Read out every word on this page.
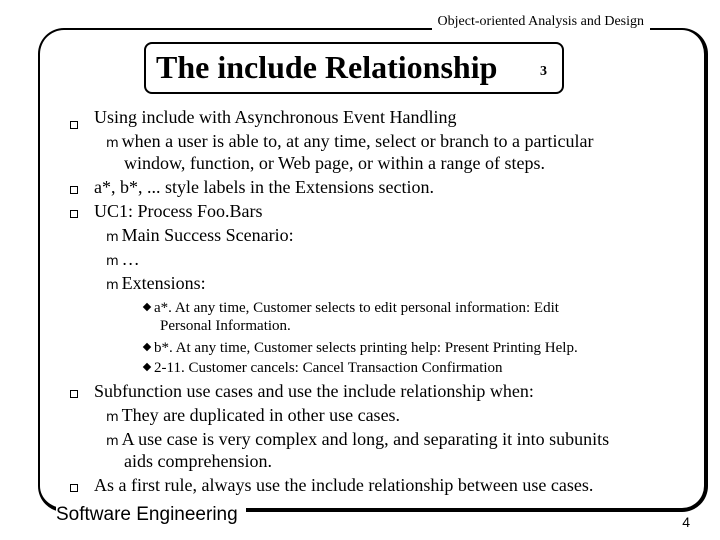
Object-oriented Analysis and Design
The include Relationship	3
Using include with Asynchronous Event Handling
ⅿ when a user is able to, at any time, select or branch to a particular
window, function, or Web page, or within a range of steps.
a*, b*, ... style labels in the Extensions section.
UC1: Process Foo.Bars
ⅿ Main Success Scenario:
ⅿ …
ⅿ Extensions:
a*. At any time, Customer selects to edit personal information: Edit
Personal Information.
b*. At any time, Customer selects printing help: Present Printing Help.
2-11. Customer cancels: Cancel Transaction Confirmation
Subfunction use cases and use the include relationship when:
ⅿ They are duplicated in other use cases.
ⅿ A use case is very complex and long, and separating it into subunits
aids comprehension.
As a first rule, always use the include relationship between use cases.
Software Engineering	4
